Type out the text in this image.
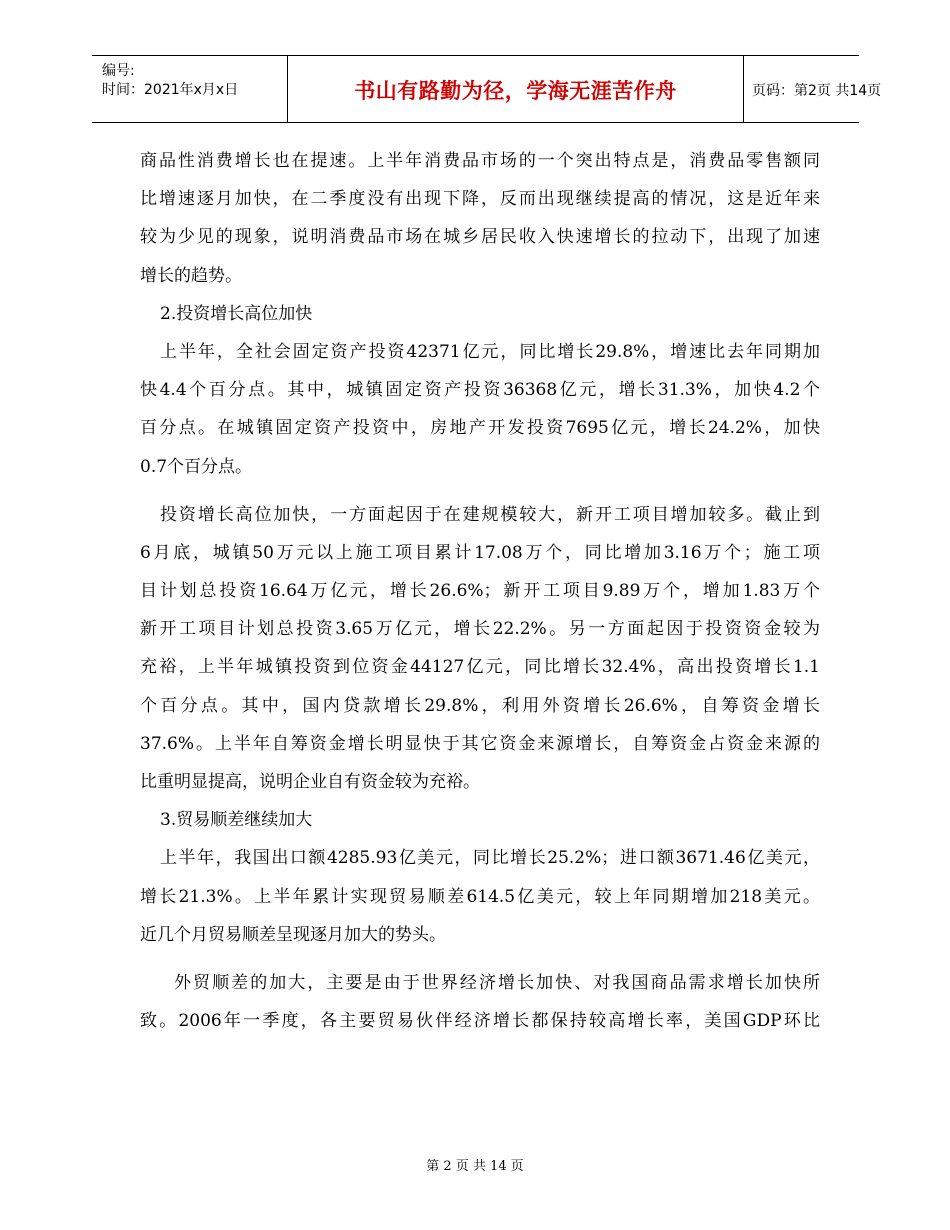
编号:
时间：2021年x月x日	书山有路勤为径，学海无涯苦作舟	页码：第2页 共14页
商品性消费增长也在提速。上半年消费品市场的一个突出特点是，消费品零售额同
比增速逐月加快，在二季度没有出现下降，反而出现继续提高的情况，这是近年来
较为少见的现象，说明消费品市场在城乡居民收入快速增长的拉动下，出现了加速
增长的趋势。
2.投资增长高位加快
上半年，全社会固定资产投资42371亿元，同比增长29.8%，增速比去年同期加
快4.4个百分点。其中，城镇固定资产投资36368亿元，增长31.3%，加快4.2个
百分点。在城镇固定资产投资中，房地产开发投资7695亿元，增长24.2%，加快
0.7个百分点。
投资增长高位加快，一方面起因于在建规模较大，新开工项目增加较多。截止到
6月底，城镇50万元以上施工项目累计17.08万个，同比增加3.16万个；施工项
目计划总投资16.64万亿元，增长26.6%；新开工项目9.89万个，增加1.83万个
新开工项目计划总投资3.65万亿元，增长22.2%。另一方面起因于投资资金较为
充裕，上半年城镇投资到位资金44127亿元，同比增长32.4%，高出投资增长1.1
个百分点。其中，国内贷款增长29.8%，利用外资增长26.6%，自筹资金增长
37.6%。上半年自筹资金增长明显快于其它资金来源增长，自筹资金占资金来源的
比重明显提高，说明企业自有资金较为充裕。
3.贸易顺差继续加大
上半年，我国出口额4285.93亿美元，同比增长25.2%；进口额3671.46亿美元，
增长21.3%。上半年累计实现贸易顺差614.5亿美元，较上年同期增加218美元。
近几个月贸易顺差呈现逐月加大的势头。
外贸顺差的加大，主要是由于世界经济增长加快、对我国商品需求增长加快所
致。2006年一季度，各主要贸易伙伴经济增长都保持较高增长率，美国GDP环比
第 2 页 共 14 页
